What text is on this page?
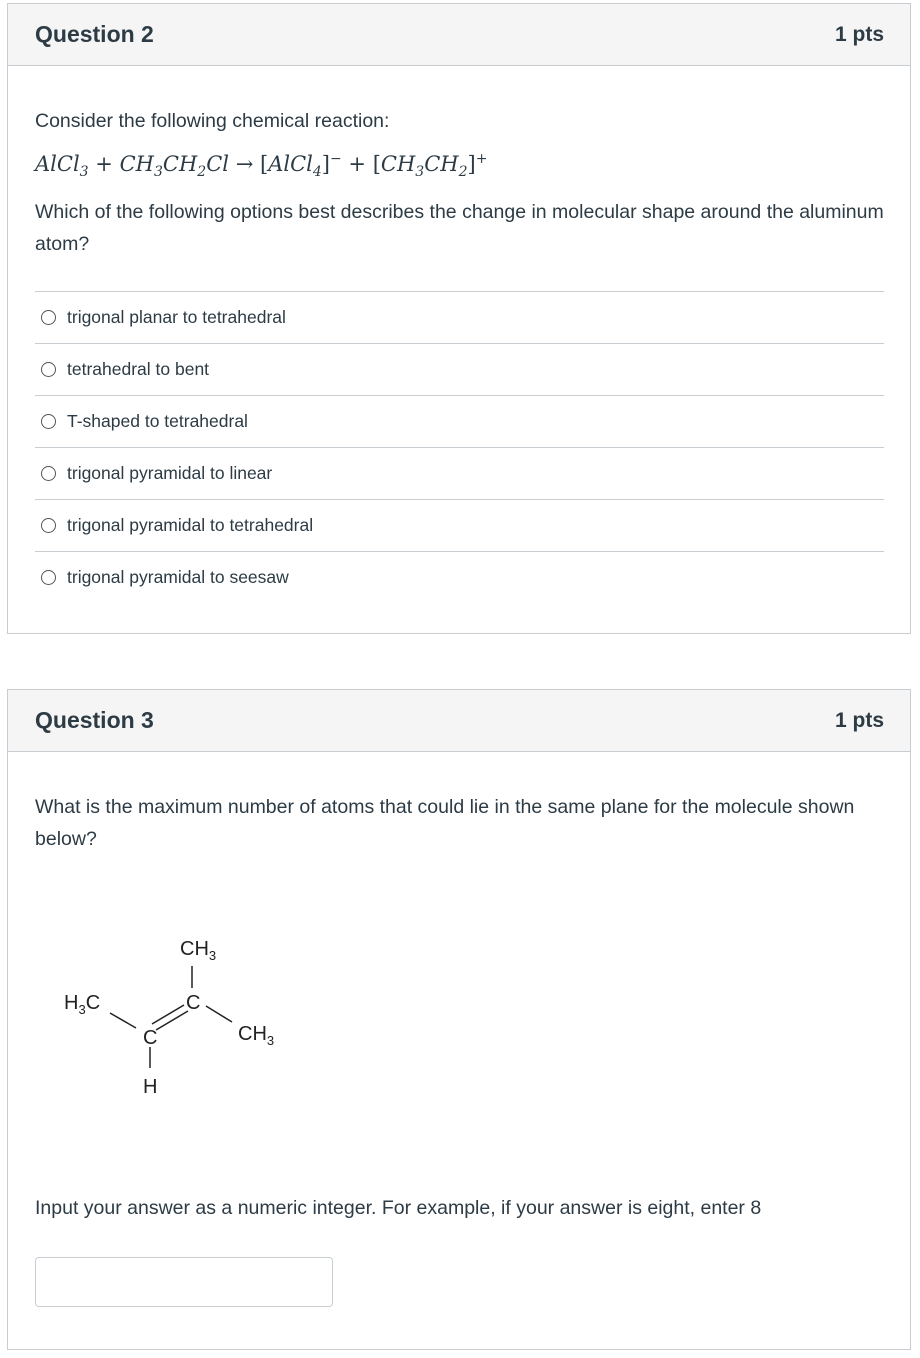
Question 2	1 pts
Consider the following chemical reaction:
AlCl$_3$ + $CH_3CH_2Cl$ → [AlCl$_4$]− + $[CH_3CH_2]^+$
Which of the following options best describes the change in molecular shape around the aluminum atom?
trigonal planar to tetrahedral
tetrahedral to bent
T-shaped to tetrahedral
trigonal pyramidal to linear
trigonal pyramidal to tetrahedral
trigonal pyramidal to seesaw
Question 3	1 pts
What is the maximum number of atoms that could lie in the same plane for the molecule shown below?
$CH_3$
C
$H_3C$
C	$CH_3$
H
Input your answer as a numeric integer. For example, if your answer is eight, enter 8
